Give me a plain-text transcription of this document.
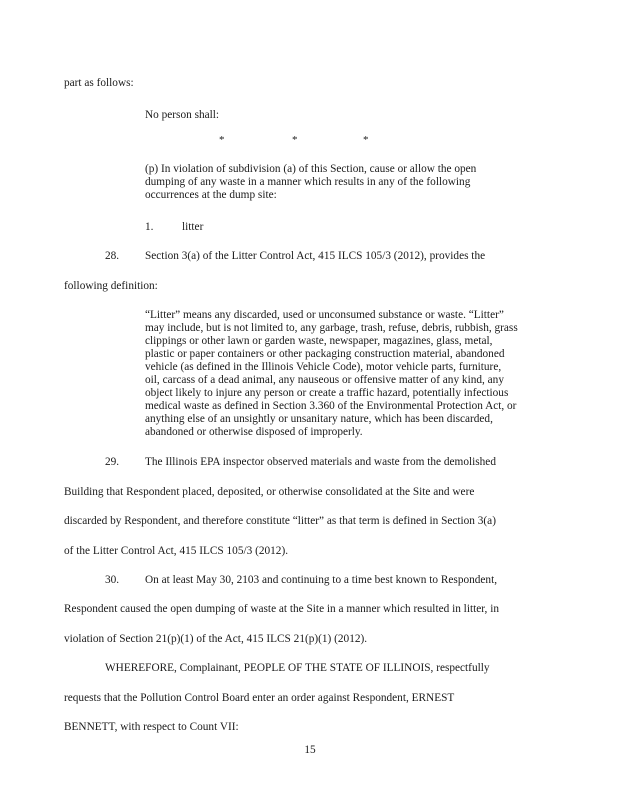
part as follows:
No person shall:
*	*	*
(p) In violation of subdivision (a) of this Section, cause or allow the open
dumping of any waste in a manner which results in any of the following
occurrences at the dump site:
1.	litter
28. Section 3(a) of the Litter Control Act, 415 ILCS 105/3 (2012), provides the
following definition:
“Litter” means any discarded, used or unconsumed substance or waste. “Litter”
may include, but is not limited to, any garbage, trash, refuse, debris, rubbish, grass
clippings or other lawn or garden waste, newspaper, magazines, glass, metal,
plastic or paper containers or other packaging construction material, abandoned
vehicle (as defined in the Illinois Vehicle Code), motor vehicle parts, furniture,
oil, carcass of a dead animal, any nauseous or offensive matter of any kind, any
object likely to injure any person or create a traffic hazard, potentially infectious
medical waste as defined in Section 3.360 of the Environmental Protection Act, or
anything else of an unsightly or unsanitary nature, which has been discarded,
abandoned or otherwise disposed of improperly.
29. The Illinois EPA inspector observed materials and waste from the demolished
Building that Respondent placed, deposited, or otherwise consolidated at the Site and were
discarded by Respondent, and therefore constitute “litter” as that term is defined in Section 3(a)
of the Litter Control Act, 415 ILCS 105/3 (2012).
30. On at least May 30, 2103 and continuing to a time best known to Respondent,
Respondent caused the open dumping of waste at the Site in a manner which resulted in litter, in
violation of Section 21(p)(1) of the Act, 415 ILCS 21(p)(1) (2012).
WHEREFORE, Complainant, PEOPLE OF THE STATE OF ILLINOIS, respectfully
requests that the Pollution Control Board enter an order against Respondent, ERNEST
BENNETT, with respect to Count VII:
15
